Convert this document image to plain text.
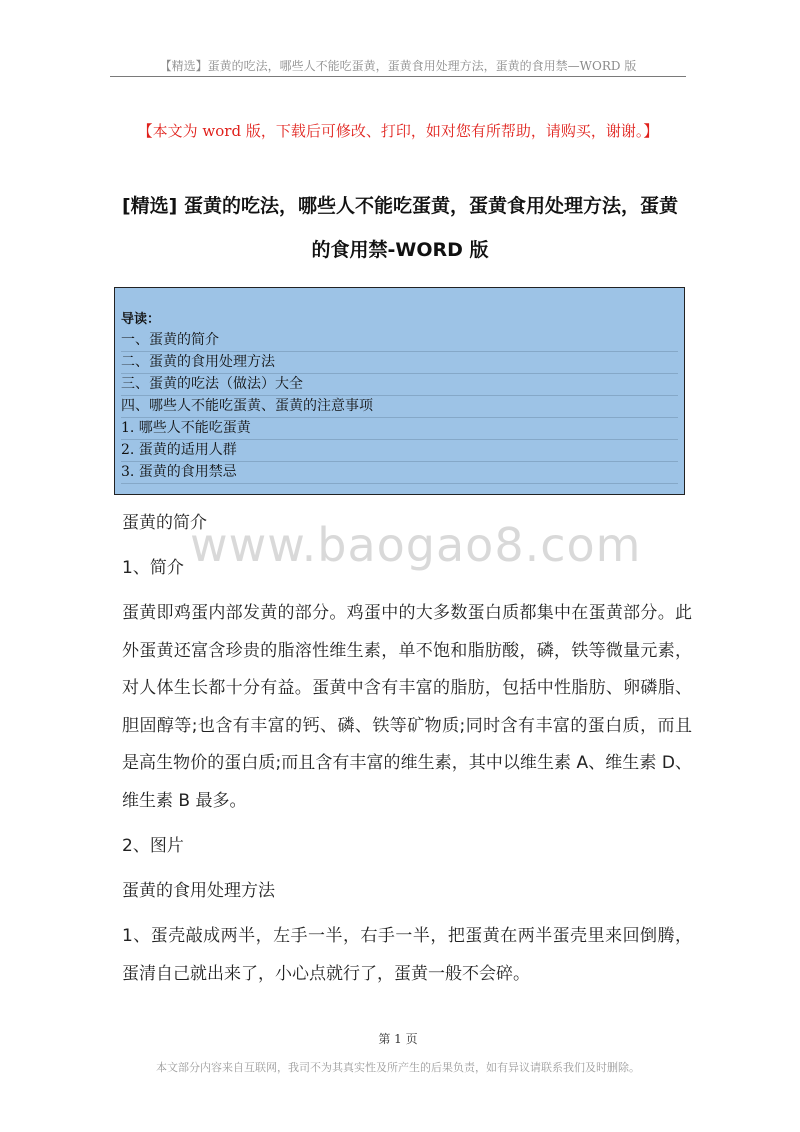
【精选】蛋黄的吃法，哪些人不能吃蛋黄，蛋黄食用处理方法，蛋黄的食用禁—WORD 版
【本文为 word 版，下载后可修改、打印，如对您有所帮助，请购买，谢谢。】
[精选] 蛋黄的吃法，哪些人不能吃蛋黄，蛋黄食用处理方法，蛋黄
的食用禁-WORD 版
导读：
一、蛋黄的简介
二、蛋黄的食用处理方法
三、蛋黄的吃法（做法）大全
四、哪些人不能吃蛋黄、蛋黄的注意事项
1. 哪些人不能吃蛋黄
2. 蛋黄的适用人群
3. 蛋黄的食用禁忌
www.baogao8.com

蛋黄的简介

1、简介

蛋黄即鸡蛋内部发黄的部分。鸡蛋中的大多数蛋白质都集中在蛋黄部分。此外蛋黄还富含珍贵的脂溶性维生素，单不饱和脂肪酸，磷，铁等微量元素，对人体生长都十分有益。蛋黄中含有丰富的脂肪，包括中性脂肪、卵磷脂、胆固醇等;也含有丰富的钙、磷、铁等矿物质;同时含有丰富的蛋白质，而且是高生物价的蛋白质;而且含有丰富的维生素，其中以维生素 A、维生素 D、维生素 B 最多。

2、图片

蛋黄的食用处理方法

1、蛋壳敲成两半，左手一半，右手一半，把蛋黄在两半蛋壳里来回倒腾，蛋清自己就出来了，小心点就行了，蛋黄一般不会碎。

第 1 页
本文部分内容来自互联网，我司不为其真实性及所产生的后果负责，如有异议请联系我们及时删除。
